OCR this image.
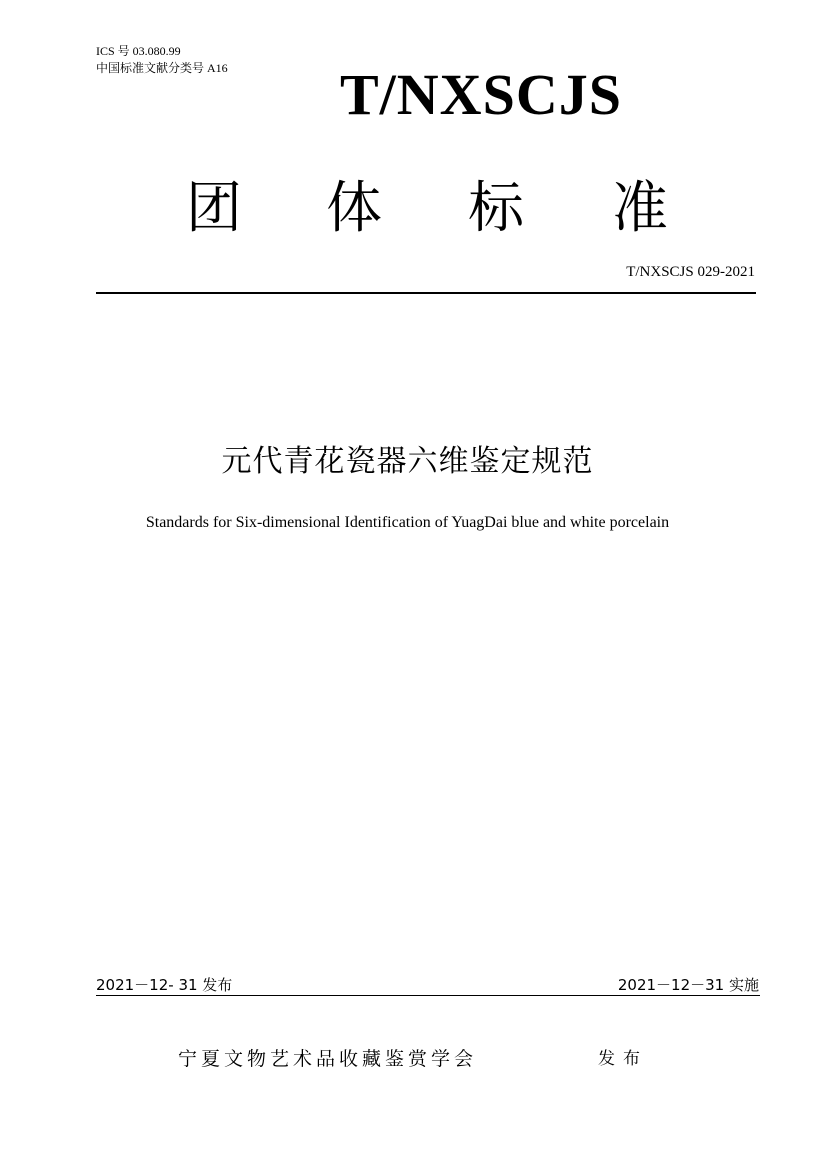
ICS 号 03.080.99
中国标准文献分类号 A16 T/NXSCJS
团 体 标 准
T/NXSCJS 029-2021
元代青花瓷器六维鉴定规范
Standards for Six-dimensional Identification of YuagDai blue and white porcelain
2021－12- 31 发布	2021－12－31 实施
宁夏文物艺术品收藏鉴赏学会	发布
